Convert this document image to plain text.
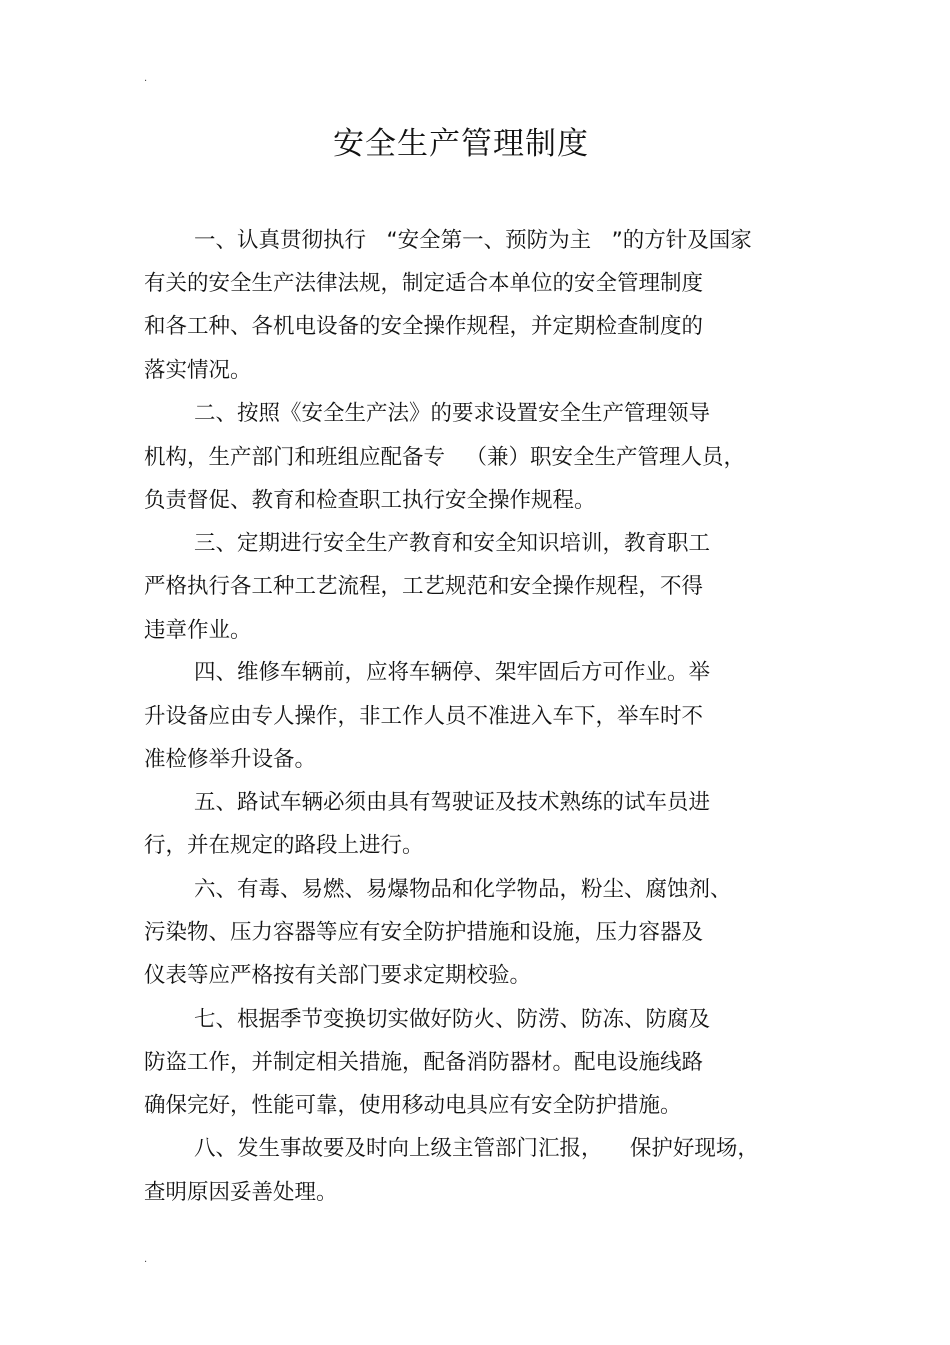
.
安全生产管理制度
一、认真贯彻执行   “安全第一、预防为主   ”的方针及国家
有关的安全生产法律法规，制定适合本单位的安全管理制度
和各工种、各机电设备的安全操作规程，并定期检查制度的
落实情况。
二、按照《安全生产法》的要求设置安全生产管理领导
机构，生产部门和班组应配备专   （兼）职安全生产管理人员，
负责督促、教育和检查职工执行安全操作规程。
三、定期进行安全生产教育和安全知识培训，教育职工
严格执行各工种工艺流程，工艺规范和安全操作规程，不得
违章作业。
四、维修车辆前，应将车辆停、架牢固后方可作业。举
升设备应由专人操作，非工作人员不准进入车下，举车时不
准检修举升设备。
五、路试车辆必须由具有驾驶证及技术熟练的试车员进
行，并在规定的路段上进行。
六、有毒、易燃、易爆物品和化学物品，粉尘、腐蚀剂、
污染物、压力容器等应有安全防护措施和设施，压力容器及
仪表等应严格按有关部门要求定期校验。
七、根据季节变换切实做好防火、防涝、防冻、防腐及
防盗工作，并制定相关措施，配备消防器材。配电设施线路
确保完好，性能可靠，使用移动电具应有安全防护措施。
八、发生事故要及时向上级主管部门汇报，    保护好现场，
查明原因妥善处理。
.
